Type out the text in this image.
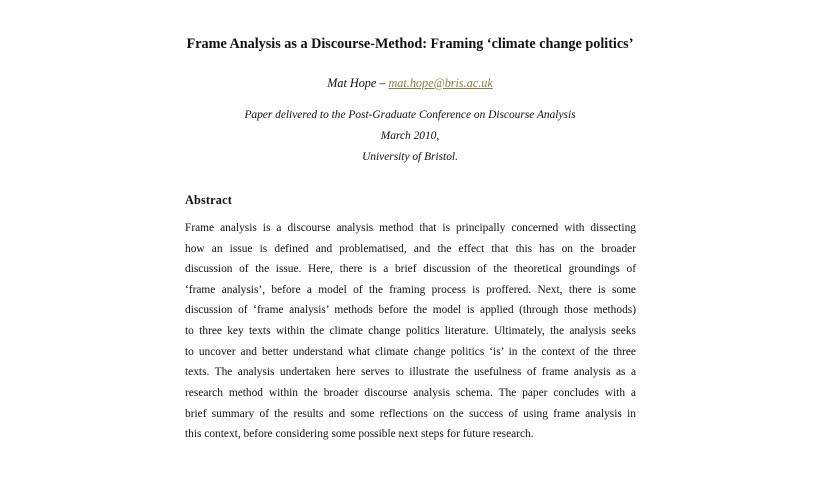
Frame Analysis as a Discourse-Method: Framing ‘climate change politics’
Mat Hope – mat.hope@bris.ac.uk
Paper delivered to the Post-Graduate Conference on Discourse Analysis
March 2010,
University of Bristol.
Abstract
Frame analysis is a discourse analysis method that is principally concerned with dissecting
how an issue is defined and problematised, and the effect that this has on the broader
discussion of the issue. Here, there is a brief discussion of the theoretical groundings of
‘frame analysis’, before a model of the framing process is proffered. Next, there is some
discussion of ‘frame analysis’ methods before the model is applied (through those methods)
to three key texts within the climate change politics literature. Ultimately, the analysis seeks
to uncover and better understand what climate change politics ‘is’ in the context of the three
texts. The analysis undertaken here serves to illustrate the usefulness of frame analysis as a
research method within the broader discourse analysis schema. The paper concludes with a
brief summary of the results and some reflections on the success of using frame analysis in
this context, before considering some possible next steps for future research.
